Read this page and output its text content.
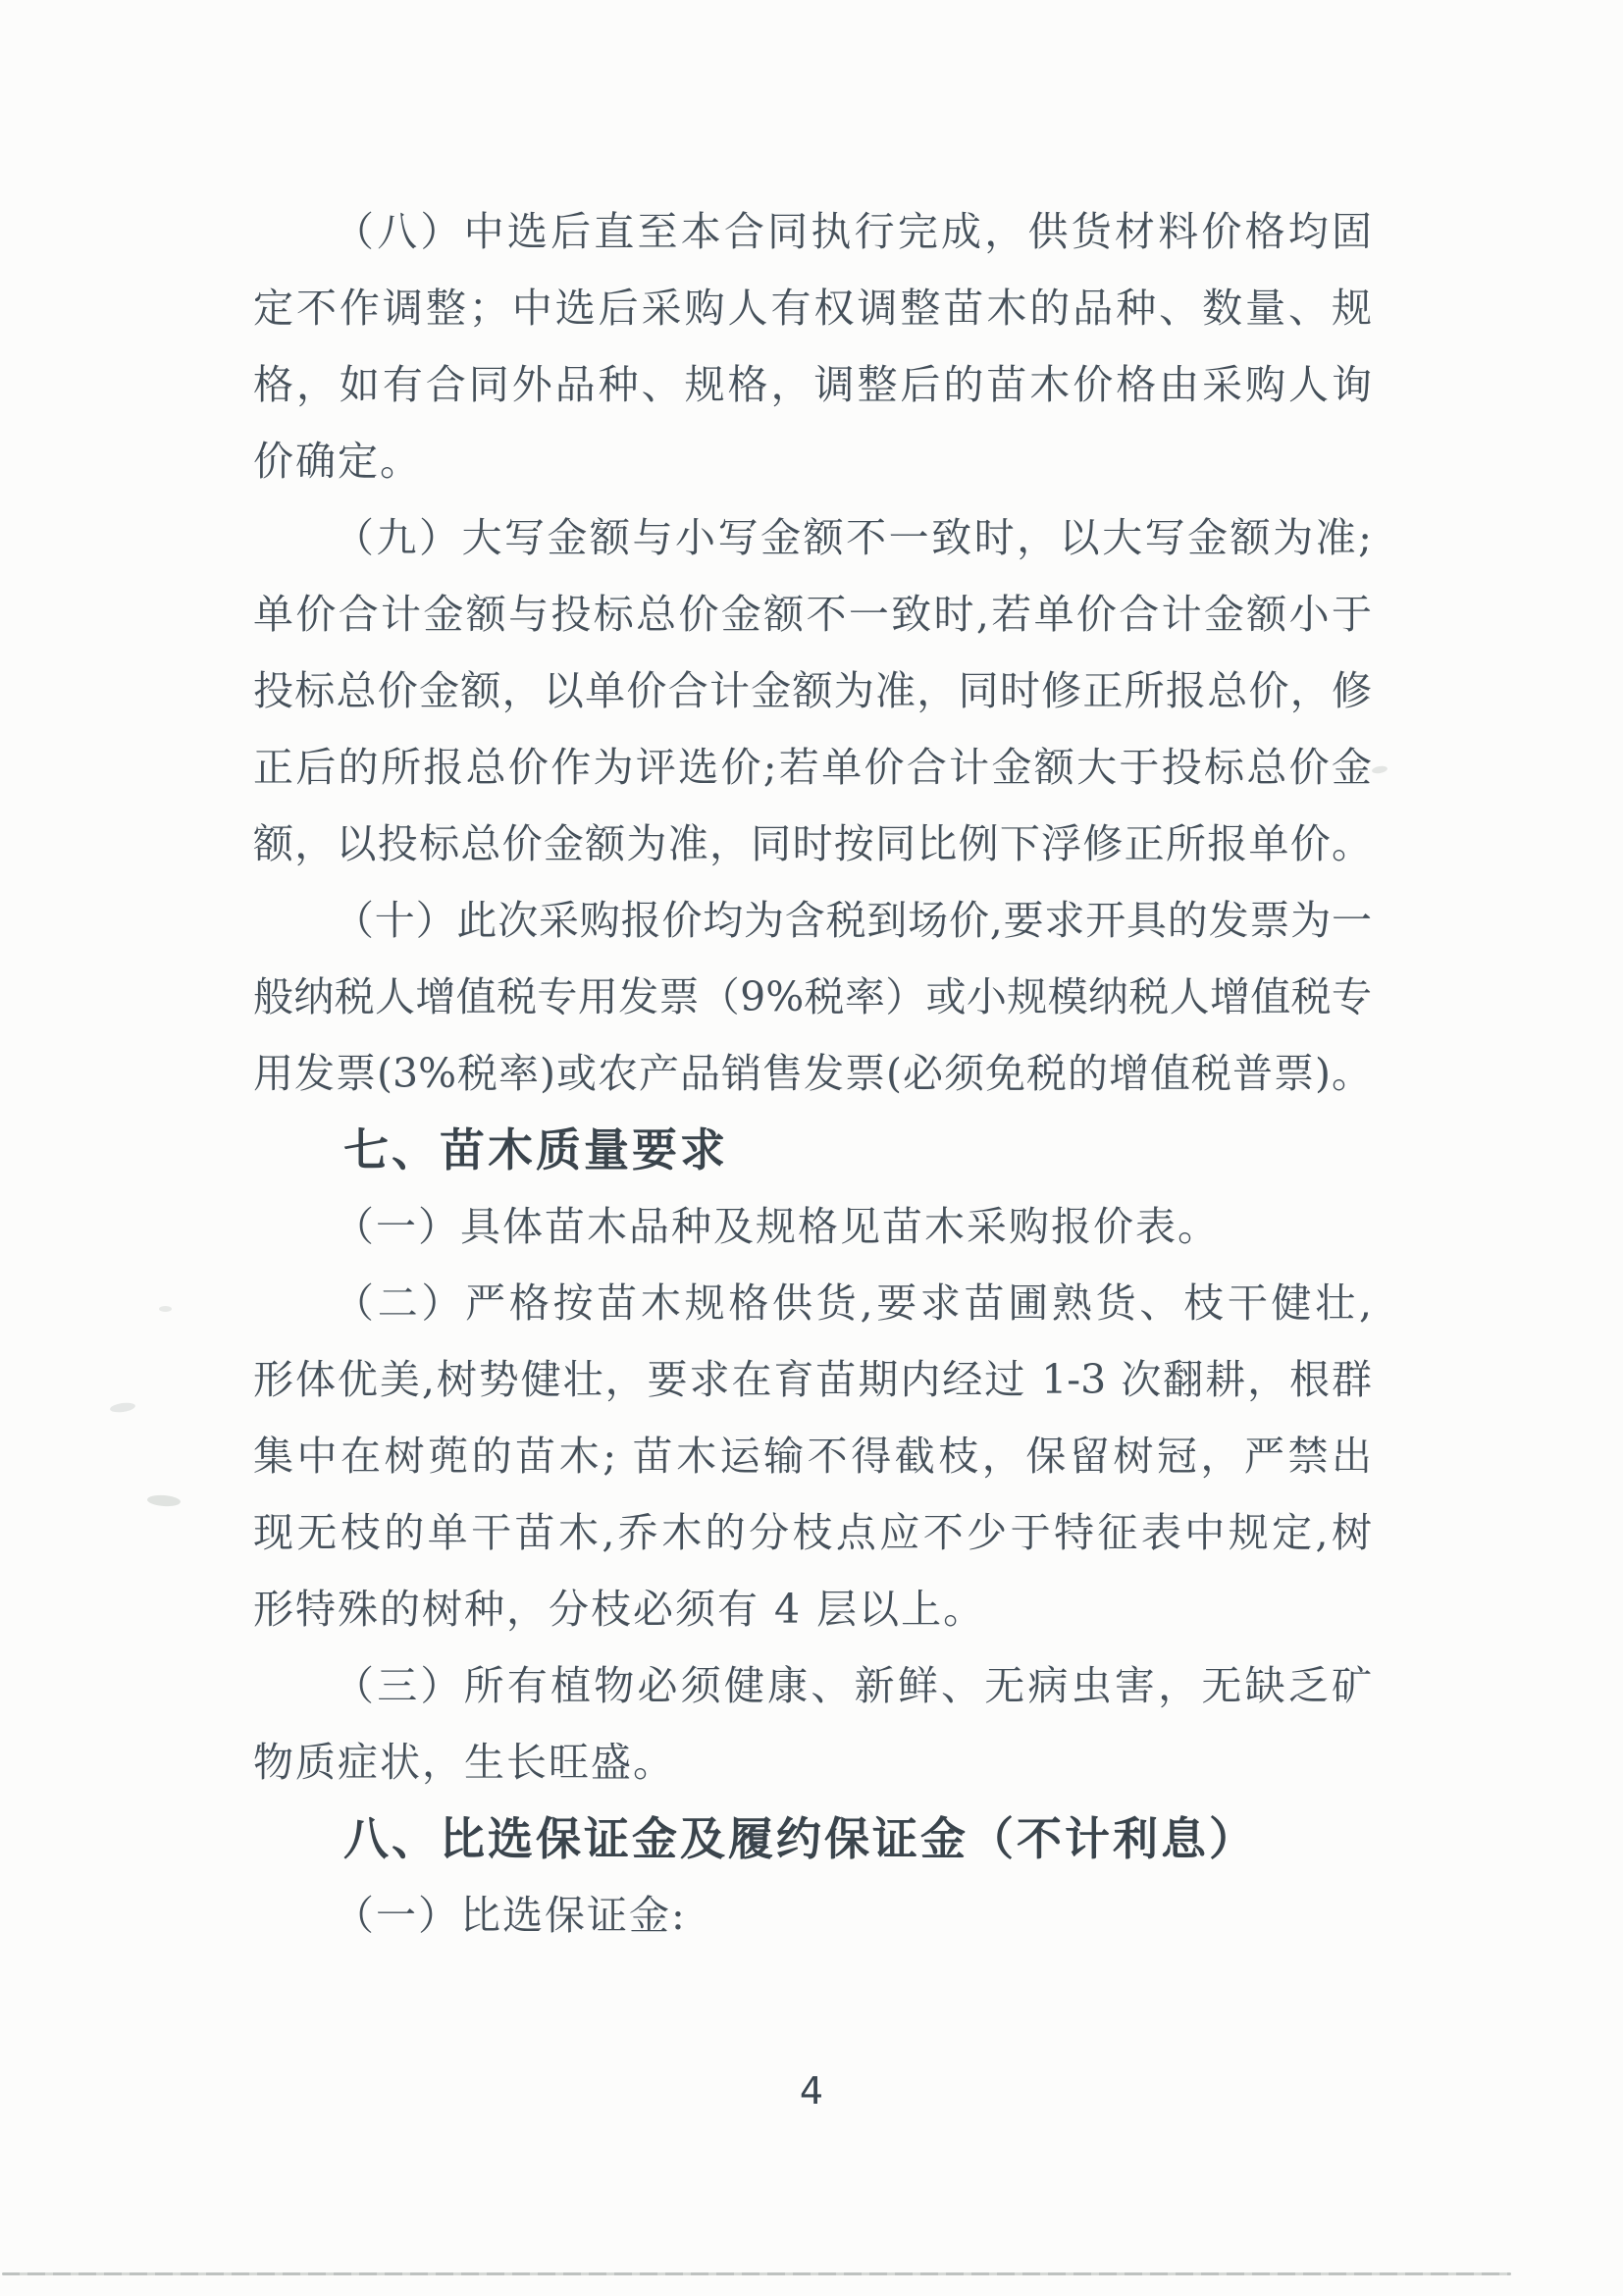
（八）中选后直至本合同执行完成，供货材料价格均固
定不作调整；中选后采购人有权调整苗木的品种、数量、规
格，如有合同外品种、规格，调整后的苗木价格由采购人询
价确定。
（九）大写金额与小写金额不一致时，以大写金额为准;
单价合计金额与投标总价金额不一致时,若单价合计金额小于
投标总价金额，以单价合计金额为准，同时修正所报总价，修
正后的所报总价作为评选价;若单价合计金额大于投标总价金
额，以投标总价金额为准，同时按同比例下浮修正所报单价。
（十）此次采购报价均为含税到场价,要求开具的发票为一
般纳税人增值税专用发票（9%税率）或小规模纳税人增值税专
用发票(3%税率)或农产品销售发票(必须免税的增值税普票)。
七、苗木质量要求
（一）具体苗木品种及规格见苗木采购报价表。
（二）严格按苗木规格供货,要求苗圃熟货、枝干健壮,
形体优美,树势健壮，要求在育苗期内经过 1-3 次翻耕，根群
集中在树蔸的苗木; 苗木运输不得截枝，保留树冠，严禁出
现无枝的单干苗木,乔木的分枝点应不少于特征表中规定,树
形特殊的树种，分枝必须有 4 层以上。
（三）所有植物必须健康、新鲜、无病虫害，无缺乏矿
物质症状，生长旺盛。
八、比选保证金及履约保证金（不计利息）
（一）比选保证金:
4
